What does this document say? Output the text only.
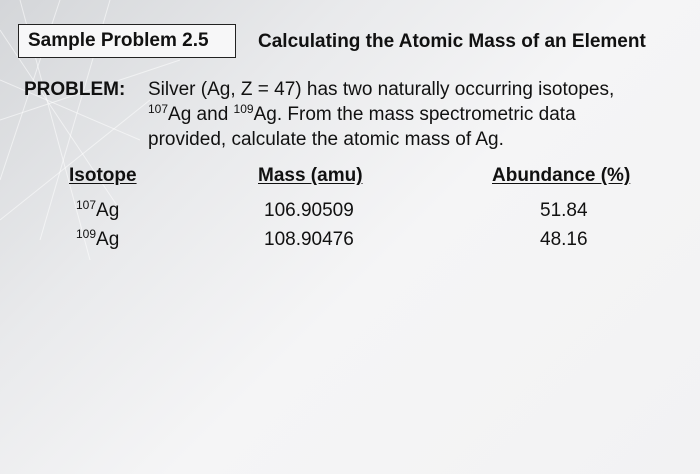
Sample Problem 2.5	Calculating the Atomic Mass of an Element
PROBLEM: Silver (Ag, Z = 47) has two naturally occurring isotopes,
$^{107}$Ag and $^{109}$Ag. From the mass spectrometric data
provided, calculate the atomic mass of Ag.
Isotope	Mass (amu)	Abundance (%)
$^{107}$Ag	106.90509	51.84
$^{109}$Ag	108.90476	48.16
